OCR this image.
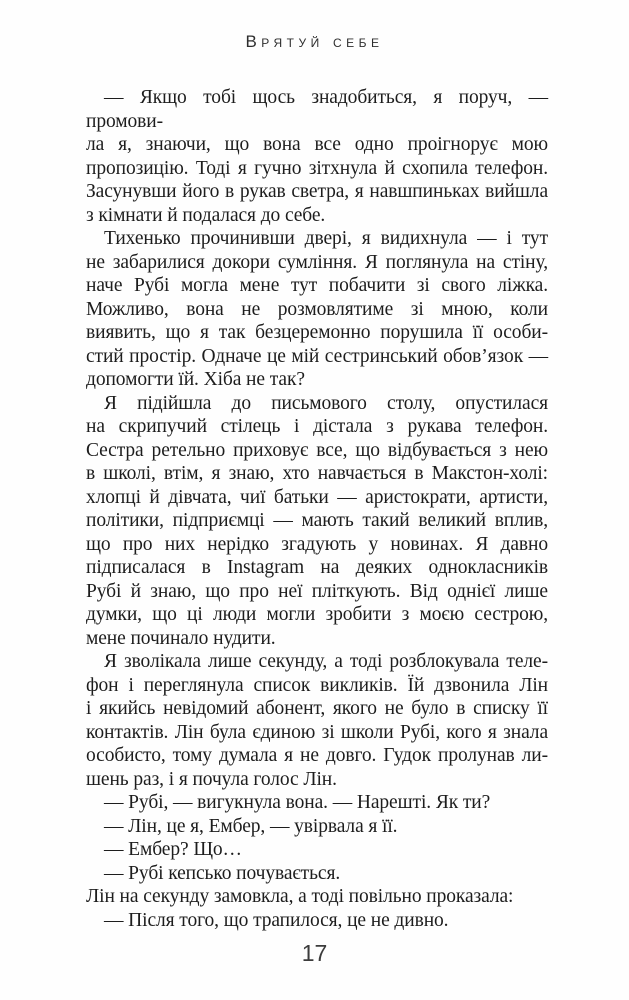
Врятуй себе
— Якщо тобі щось знадобиться, я поруч, — промови-
ла я, знаючи, що вона все одно проігнорує мою
пропозицію. Тоді я гучно зітхнула й схопила телефон.
Засунувши його в рукав светра, я навшпиньках вийшла
з кімнати й подалася до себе.
Тихенько прочинивши двері, я видихнула — і тут
не забарилися докори сумління. Я поглянула на стіну,
наче Рубі могла мене тут побачити зі свого ліжка.
Можливо, вона не розмовлятиме зі мною, коли
виявить, що я так безцеремонно порушила її особи-
стий простір. Одначе це мій сестринський обов’язок —
допомогти їй. Хіба не так?
Я підійшла до письмового столу, опустилася
на скрипучий стілець і дістала з рукава телефон.
Сестра ретельно приховує все, що відбувається з нею
в школі, втім, я знаю, хто навчається в Макстон-холі:
хлопці й дівчата, чиї батьки — аристократи, артисти,
політики, підприємці — мають такий великий вплив,
що про них нерідко згадують у новинах. Я давно
підписалася в Instagram на деяких однокласників
Рубі й знаю, що про неї пліткують. Від однієї лише
думки, що ці люди могли зробити з моєю сестрою,
мене починало нудити.
Я зволікала лише секунду, а тоді розблокувала теле-
фон і переглянула список викликів. Їй дзвонила Лін
і якийсь невідомий абонент, якого не було в списку її
контактів. Лін була єдиною зі школи Рубі, кого я знала
особисто, тому думала я не довго. Гудок пролунав ли-
шень раз, і я почула голос Лін.
— Рубі, — вигукнула вона. — Нарешті. Як ти?
— Лін, це я, Ембер, — увірвала я її.
— Ембер? Що…
— Рубі кепсько почувається.
Лін на секунду замовкла, а тоді повільно проказала:
— Після того, що трапилося, це не дивно.
17
